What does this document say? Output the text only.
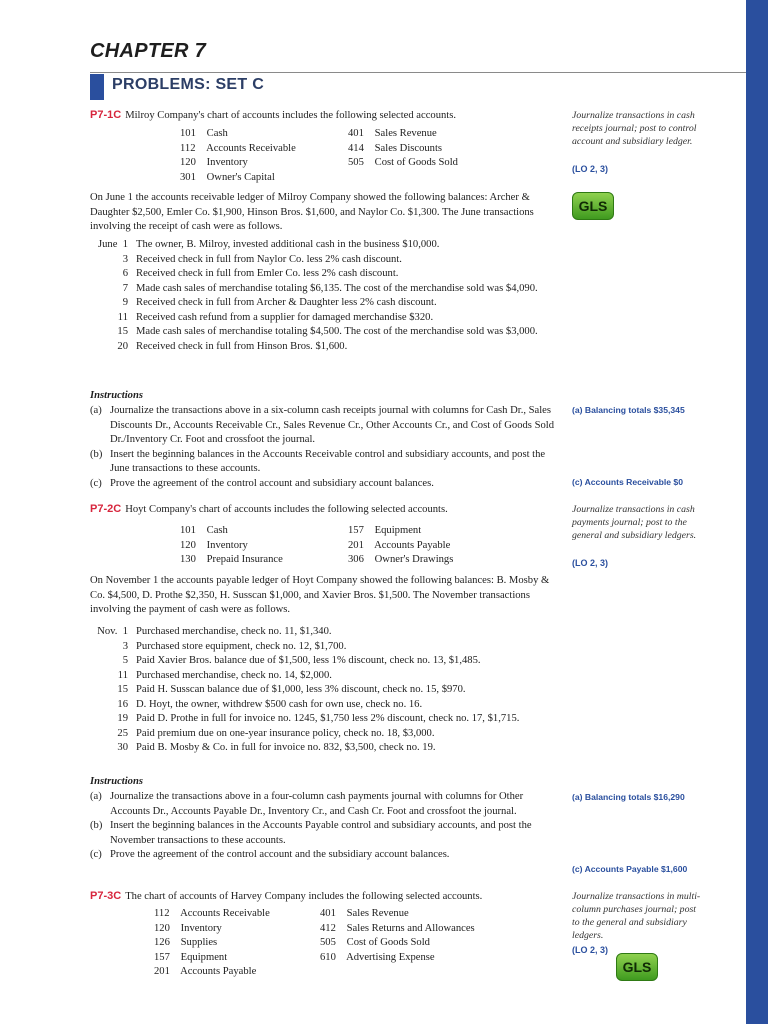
CHAPTER 7
PROBLEMS: SET C
P7-1C Milroy Company's chart of accounts includes the following selected accounts.
101 Cash
112 Accounts Receivable
120 Inventory
301 Owner's Capital
401 Sales Revenue
414 Sales Discounts
505 Cost of Goods Sold
On June 1 the accounts receivable ledger of Milroy Company showed the following balances: Archer & Daughter $2,500, Emler Co. $1,900, Hinson Bros. $1,600, and Naylor Co. $1,300. The June transactions involving the receipt of cash were as follows.
June 1 The owner, B. Milroy, invested additional cash in the business $10,000.
3 Received check in full from Naylor Co. less 2% cash discount.
6 Received check in full from Emler Co. less 2% cash discount.
7 Made cash sales of merchandise totaling $6,135. The cost of the merchandise sold was $4,090.
9 Received check in full from Archer & Daughter less 2% cash discount.
11 Received cash refund from a supplier for damaged merchandise $320.
15 Made cash sales of merchandise totaling $4,500. The cost of the merchandise sold was $3,000.
20 Received check in full from Hinson Bros. $1,600.
Instructions
(a) Journalize the transactions above in a six-column cash receipts journal with columns for Cash Dr., Sales Discounts Dr., Accounts Receivable Cr., Sales Revenue Cr., Other Accounts Cr., and Cost of Goods Sold Dr./Inventory Cr. Foot and crossfoot the journal.
(b) Insert the beginning balances in the Accounts Receivable control and subsidiary accounts, and post the June transactions to these accounts.
(c) Prove the agreement of the control account and subsidiary account balances.
Journalize transactions in cash receipts journal; post to control account and subsidiary ledger.
(LO 2, 3)
GLS
(a) Balancing totals $35,345
(c) Accounts Receivable $0
P7-2C Hoyt Company's chart of accounts includes the following selected accounts.
101 Cash
120 Inventory
130 Prepaid Insurance
157 Equipment
201 Accounts Payable
306 Owner's Drawings
On November 1 the accounts payable ledger of Hoyt Company showed the following balances: B. Mosby & Co. $4,500, D. Prothe $2,350, H. Susscan $1,000, and Xavier Bros. $1,500. The November transactions involving the payment of cash were as follows.
Nov. 1 Purchased merchandise, check no. 11, $1,340.
3 Purchased store equipment, check no. 12, $1,700.
5 Paid Xavier Bros. balance due of $1,500, less 1% discount, check no. 13, $1,485.
11 Purchased merchandise, check no. 14, $2,000.
15 Paid H. Susscan balance due of $1,000, less 3% discount, check no. 15, $970.
16 D. Hoyt, the owner, withdrew $500 cash for own use, check no. 16.
19 Paid D. Prothe in full for invoice no. 1245, $1,750 less 2% discount, check no. 17, $1,715.
25 Paid premium due on one-year insurance policy, check no. 18, $3,000.
30 Paid B. Mosby & Co. in full for invoice no. 832, $3,500, check no. 19.
Instructions
(a) Journalize the transactions above in a four-column cash payments journal with columns for Other Accounts Dr., Accounts Payable Dr., Inventory Cr., and Cash Cr. Foot and crossfoot the journal.
(b) Insert the beginning balances in the Accounts Payable control and subsidiary accounts, and post the November transactions to these accounts.
(c) Prove the agreement of the control account and the subsidiary account balances.
Journalize transactions in cash payments journal; post to the general and subsidiary ledgers.
(LO 2, 3)
(a) Balancing totals $16,290
(c) Accounts Payable $1,600
P7-3C The chart of accounts of Harvey Company includes the following selected accounts.
112 Accounts Receivable
120 Inventory
126 Supplies
157 Equipment
201 Accounts Payable
401 Sales Revenue
412 Sales Returns and Allowances
505 Cost of Goods Sold
610 Advertising Expense
Journalize transactions in multi-column purchases journal; post to the general and subsidiary ledgers.
(LO 2, 3)
GLS
